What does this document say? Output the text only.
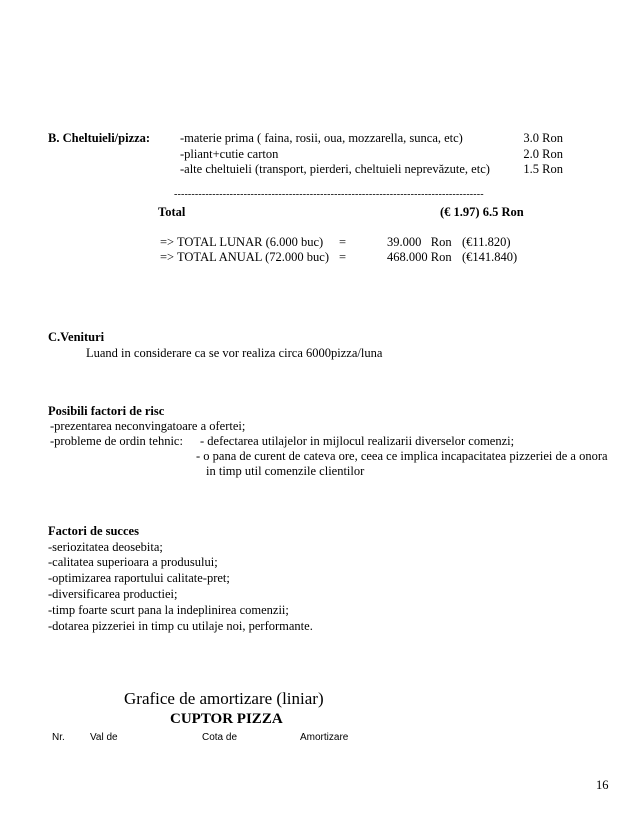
B. Cheltuieli/pizza: -materie prima ( faina, rosii, oua, mozzarella, sunca, etc)	3.0 Ron
-pliant+cutie carton	2.0 Ron
-alte cheltuieli (transport, pierderi, cheltuieli neprevăzute, etc)	1.5 Ron
-----------------------------------------------------------------------------------------
Total	(€ 1.97) 6.5 Ron
=> TOTAL LUNAR (6.000 buc) =	39.000   Ron (€11.820)
=> TOTAL ANUAL (72.000 buc) =	468.000 Ron (€141.840)
C.Venituri
Luand in considerare ca se vor realiza circa 6000pizza/luna
Posibili factori de risc
-prezentarea neconvingatoare a ofertei;
-probleme de ordin tehnic: - defectarea utilajelor in mijlocul realizarii diverselor comenzi;
- o pana de curent de cateva ore, ceea ce implica incapacitatea pizzeriei de a onora
in timp util comenzile clientilor
Factori de succes
-seriozitatea deosebita;
-calitatea superioara a produsului;
-optimizarea raportului calitate-pret;
-diversificarea productiei;
-timp foarte scurt pana la indeplinirea comenzii;
-dotarea pizzeriei in timp cu utilaje noi, performante.
Grafice de amortizare (liniar)
CUPTOR PIZZA
Nr.	Val de	Cota de	Amortizare
16
